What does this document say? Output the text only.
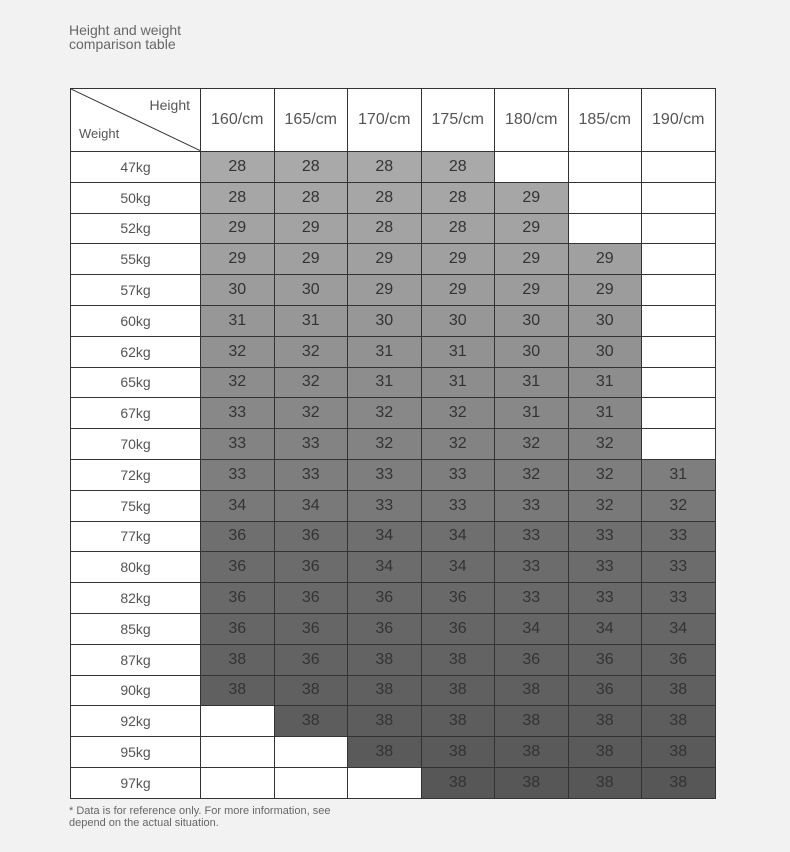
Height and weight comparison table
Height
Weight	160/cm	165/cm	170/cm	175/cm	180/cm	185/cm	190/cm
47kg	28	28	28	28			
50kg	28	28	28	28	29		
52kg	29	29	28	28	29		
55kg	29	29	29	29	29	29	
57kg	30	30	29	29	29	29	
60kg	31	31	30	30	30	30	
62kg	32	32	31	31	30	30	
65kg	32	32	31	31	31	31	
67kg	33	32	32	32	31	31	
70kg	33	33	32	32	32	32	
72kg	33	33	33	33	32	32	31
75kg	34	34	33	33	33	32	32
77kg	36	36	34	34	33	33	33
80kg	36	36	34	34	33	33	33
82kg	36	36	36	36	33	33	33
85kg	36	36	36	36	34	34	34
87kg	38	36	38	38	36	36	36
90kg	38	38	38	38	38	36	38
92kg		38	38	38	38	38	38
95kg			38	38	38	38	38
97kg				38	38	38	38
* Data is for reference only. For more information, see
depend on the actual situation.
